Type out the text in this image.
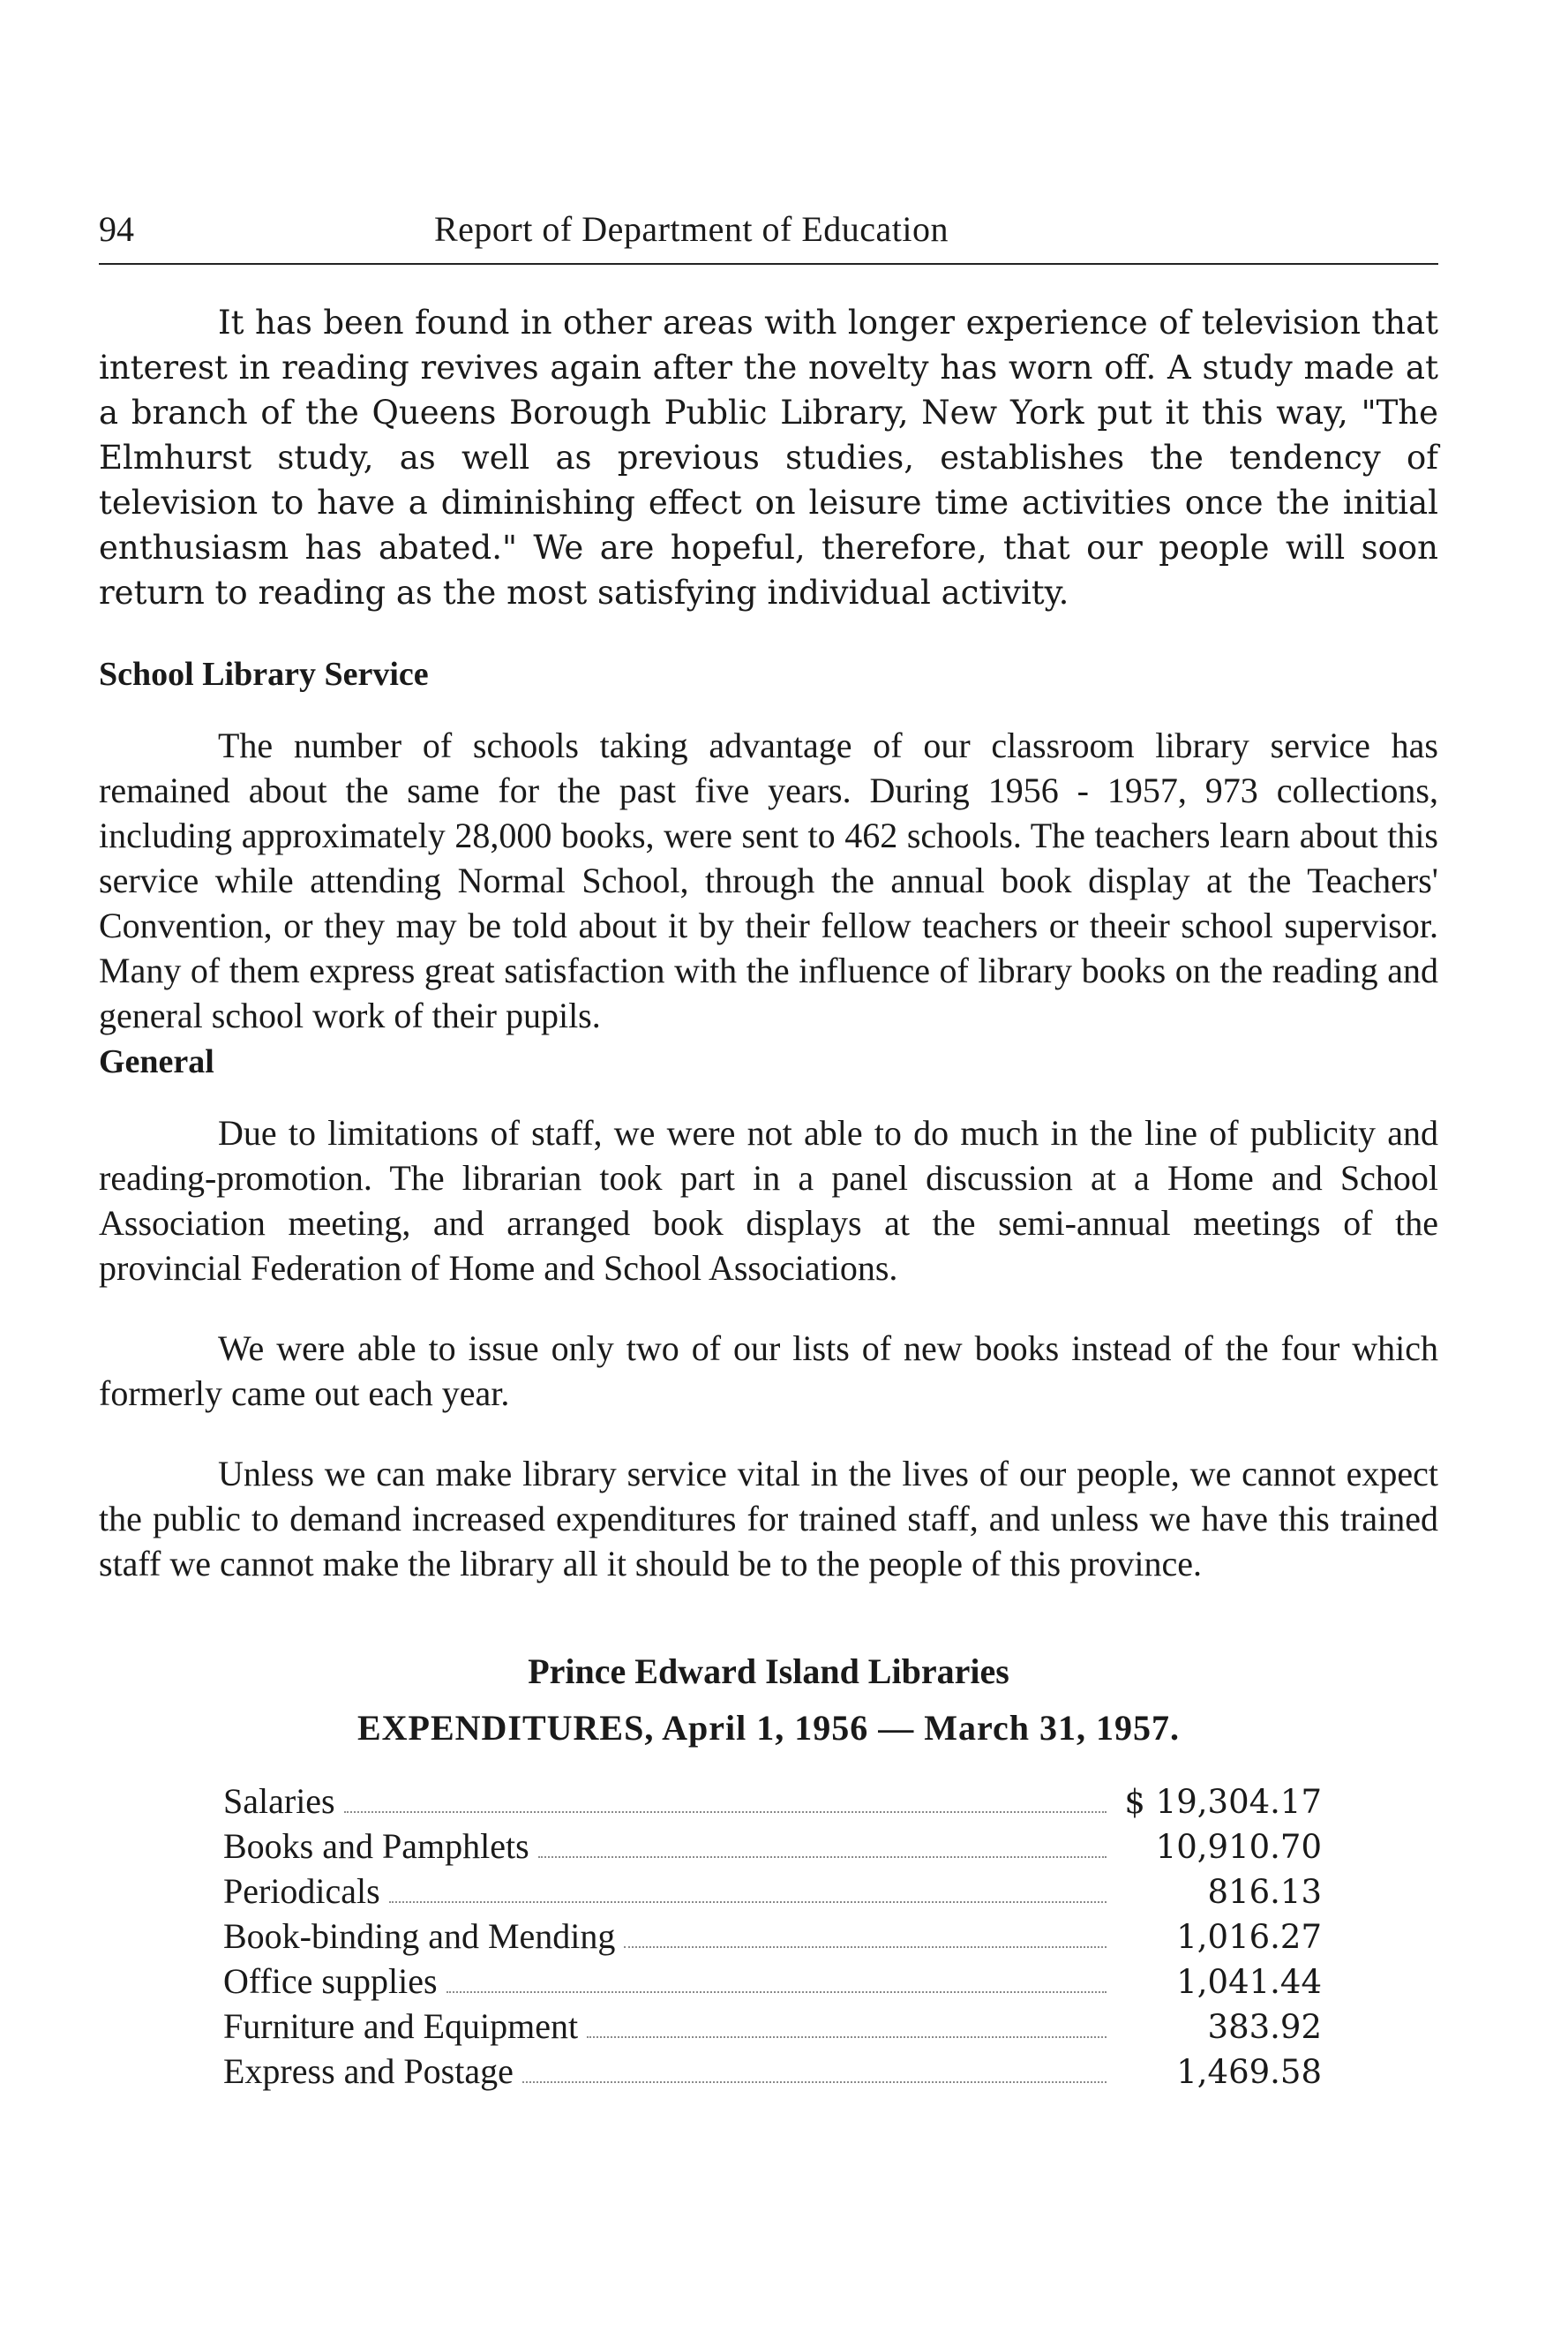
94	Report of Department of Education

It has been found in other areas with longer experience of television that interest in reading revives again after the novelty has worn off. A study made at a branch of the Queens Borough Public Library, New York put it this way, "The Elmhurst study, as well as previous studies, establishes the tendency of television to have a diminishing effect on leisure time activities once the initial enthusiasm has abated." We are hopeful, therefore, that our people will soon return to reading as the most satisfying individual activity.

School Library Service

The number of schools taking advantage of our classroom library service has remained about the same for the past five years. During 1956 - 1957, 973 collections, including approximately 28,000 books, were sent to 462 schools. The teachers learn about this service while attending Normal School, through the annual book display at the Teachers' Convention, or they may be told about it by their fellow teachers or theeir school supervisor. Many of them express great satisfaction with the influence of library books on the reading and general school work of their pupils.

General

Due to limitations of staff, we were not able to do much in the line of publicity and reading-promotion. The librarian took part in a panel discussion at a Home and School Association meeting, and arranged book displays at the semi-annual meetings of the provincial Federation of Home and School Associations.

We were able to issue only two of our lists of new books instead of the four which formerly came out each year.

Unless we can make library service vital in the lives of our people, we cannot expect the public to demand increased expenditures for trained staff, and unless we have this trained staff we cannot make the library all it should be to the people of this province.

Prince Edward Island Libraries
EXPENDITURES, April 1, 1956 — March 31, 1957.
Salaries	$ 19,304.17
Books and Pamphlets	10,910.70
Periodicals	816.13
Book-binding and Mending	1,016.27
Office supplies	1,041.44
Furniture and Equipment	383.92
Express and Postage	1,469.58
